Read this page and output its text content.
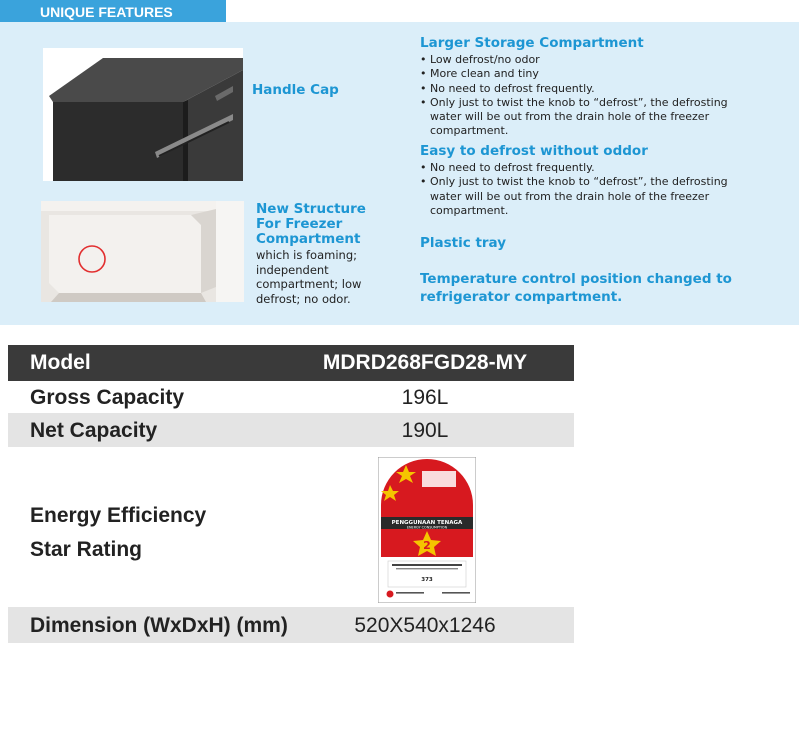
UNIQUE FEATURES
Handle Cap
New Structure
For Freezer
Compartment
which is foaming;
independent
compartment; low
defrost; no odor.
Larger Storage Compartment
• Low defrost/no odor
• More clean and tiny
• No need to defrost frequently.
• Only just to twist the knob to “defrost”, the defrosting water will be out from the drain hole of the freezer compartment.
Easy to defrost without oddor
• No need to defrost frequently.
• Only just to twist the knob to “defrost”, the defrosting water will be out from the drain hole of the freezer compartment.
Plastic tray
Temperature control position changed to
refrigerator compartment.
Model	MDRD268FGD28-MY
Gross Capacity	196L
Net Capacity	190L
Energy Efficiency
Star Rating
PENGGUNAAN TENAGA
ENERGY CONSUMPTION
2
373
Dimension (WxDxH) (mm)	520X540x1246
